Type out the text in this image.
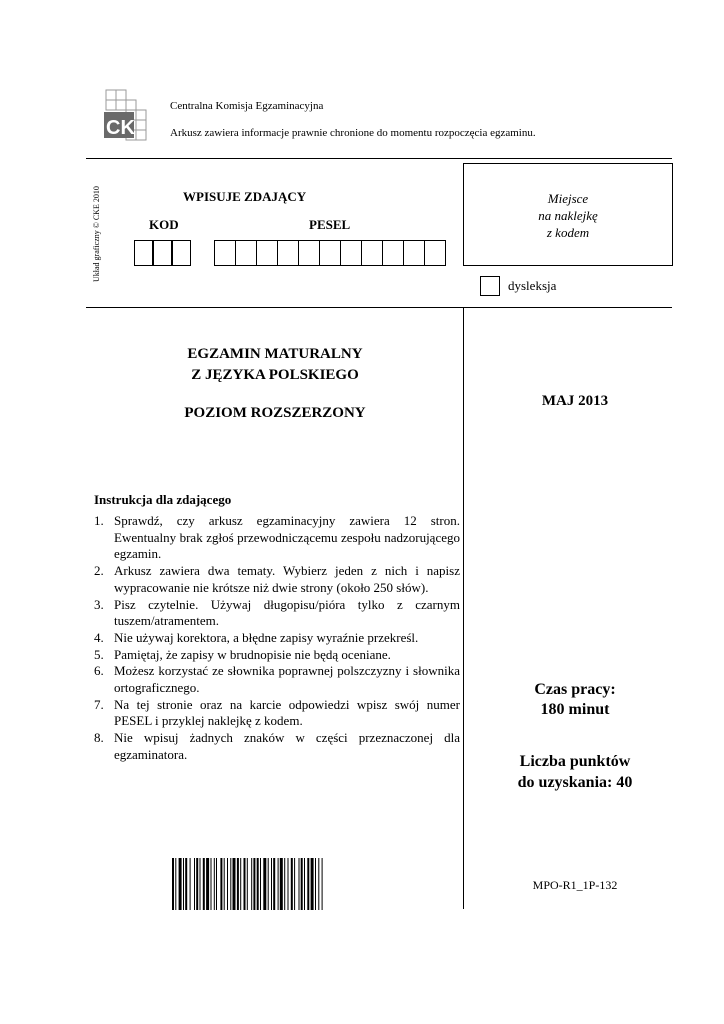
CK
Centralna Komisja Egzaminacyjna
Arkusz zawiera informacje prawnie chronione do momentu rozpoczęcia egzaminu.
Układ graficzny © CKE 2010	WPISUJE ZDAJĄCY
KOD	PESEL
Miejsce
na naklejkę
z kodem
dysleksja
EGZAMIN MATURALNY
Z JĘZYKA POLSKIEGO
POZIOM ROZSZERZONY
MAJ 2013
Instrukcja dla zdającego
1. Sprawdź, czy arkusz egzaminacyjny zawiera 12 stron. Ewentualny brak zgłoś przewodniczącemu zespołu nadzorującego egzamin.
2. Arkusz zawiera dwa tematy. Wybierz jeden z nich i napisz wypracowanie nie krótsze niż dwie strony (około 250 słów).
3. Pisz czytelnie. Używaj długopisu/pióra tylko z czarnym tuszem/atramentem.
4. Nie używaj korektora, a błędne zapisy wyraźnie przekreśl.
5. Pamiętaj, że zapisy w brudnopisie nie będą oceniane.
6. Możesz korzystać ze słownika poprawnej polszczyzny i słownika ortograficznego.
7. Na tej stronie oraz na karcie odpowiedzi wpisz swój numer PESEL i przyklej naklejkę z kodem.
8. Nie wpisuj żadnych znaków w części przeznaczonej dla egzaminatora.
Czas pracy:
180 minut
Liczba punktów
do uzyskania: 40
MPO-R1_1P-132
